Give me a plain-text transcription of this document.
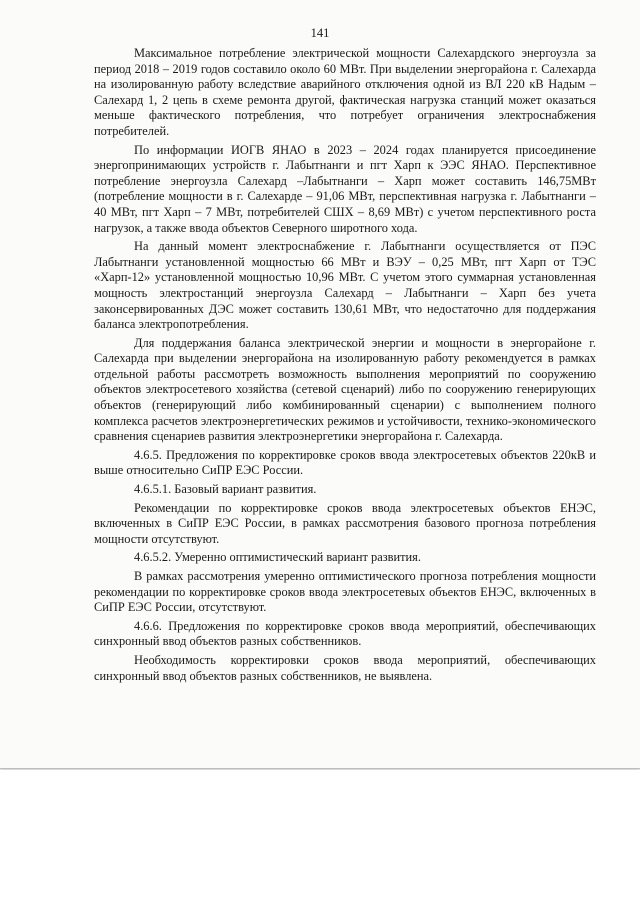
141

Максимальное потребление электрической мощности Салехардского энергоузла за период 2018 – 2019 годов составило около 60 МВт. При выделении энергорайона г. Салехарда на изолированную работу вследствие аварийного отключения одной из ВЛ 220 кВ Надым – Салехард 1, 2 цепь в схеме ремонта другой, фактическая нагрузка станций может оказаться меньше фактического потребления, что потребует ограничения электроснабжения потребителей.

По информации ИОГВ ЯНАО в 2023 – 2024 годах планируется присоединение энергопринимающих устройств г. Лабытнанги и пгт Харп к ЭЭС ЯНАО. Перспективное потребление энергоузла Салехард –Лабытнанги – Харп может составить 146,75МВт (потребление мощности в г. Салехарде – 91,06 МВт, перспективная нагрузка г. Лабытнанги – 40 МВт, пгт Харп – 7 МВт, потребителей СШХ – 8,69 МВт) с учетом перспективного роста нагрузок, а также ввода объектов Северного широтного хода.

На данный момент электроснабжение г. Лабытнанги осуществляется от ПЭС Лабытнанги установленной мощностью 66 МВт и ВЭУ – 0,25 МВт, пгт Харп от ТЭС «Харп-12» установленной мощностью 10,96 МВт. С учетом этого суммарная установленная мощность электростанций энергоузла Салехард – Лабытнанги – Харп без учета законсервированных ДЭС может составить 130,61 МВт, что недостаточно для поддержания баланса электропотребления.

Для поддержания баланса электрической энергии и мощности в энергорайоне г. Салехарда при выделении энергорайона на изолированную работу рекомендуется в рамках отдельной работы рассмотреть возможность выполнения мероприятий по сооружению объектов электросетевого хозяйства (сетевой сценарий) либо по сооружению генерирующих объектов (генерирующий либо комбинированный сценарии) с выполнением полного комплекса расчетов электроэнергетических режимов и устойчивости, технико-экономического сравнения сценариев развития электроэнергетики энергорайона г. Салехарда.

4.6.5. Предложения по корректировке сроков ввода электросетевых объектов 220кВ и выше относительно СиПР ЕЭС России.

4.6.5.1. Базовый вариант развития.

Рекомендации по корректировке сроков ввода электросетевых объектов ЕНЭС, включенных в СиПР ЕЭС России, в рамках рассмотрения базового прогноза потребления мощности отсутствуют.

4.6.5.2. Умеренно оптимистический вариант развития.

В рамках рассмотрения умеренно оптимистического прогноза потребления мощности рекомендации по корректировке сроков ввода электросетевых объектов ЕНЭС, включенных в СиПР ЕЭС России, отсутствуют.

4.6.6. Предложения по корректировке сроков ввода мероприятий, обеспечивающих синхронный ввод объектов разных собственников.

Необходимость корректировки сроков ввода мероприятий, обеспечивающих синхронный ввод объектов разных собственников, не выявлена.
